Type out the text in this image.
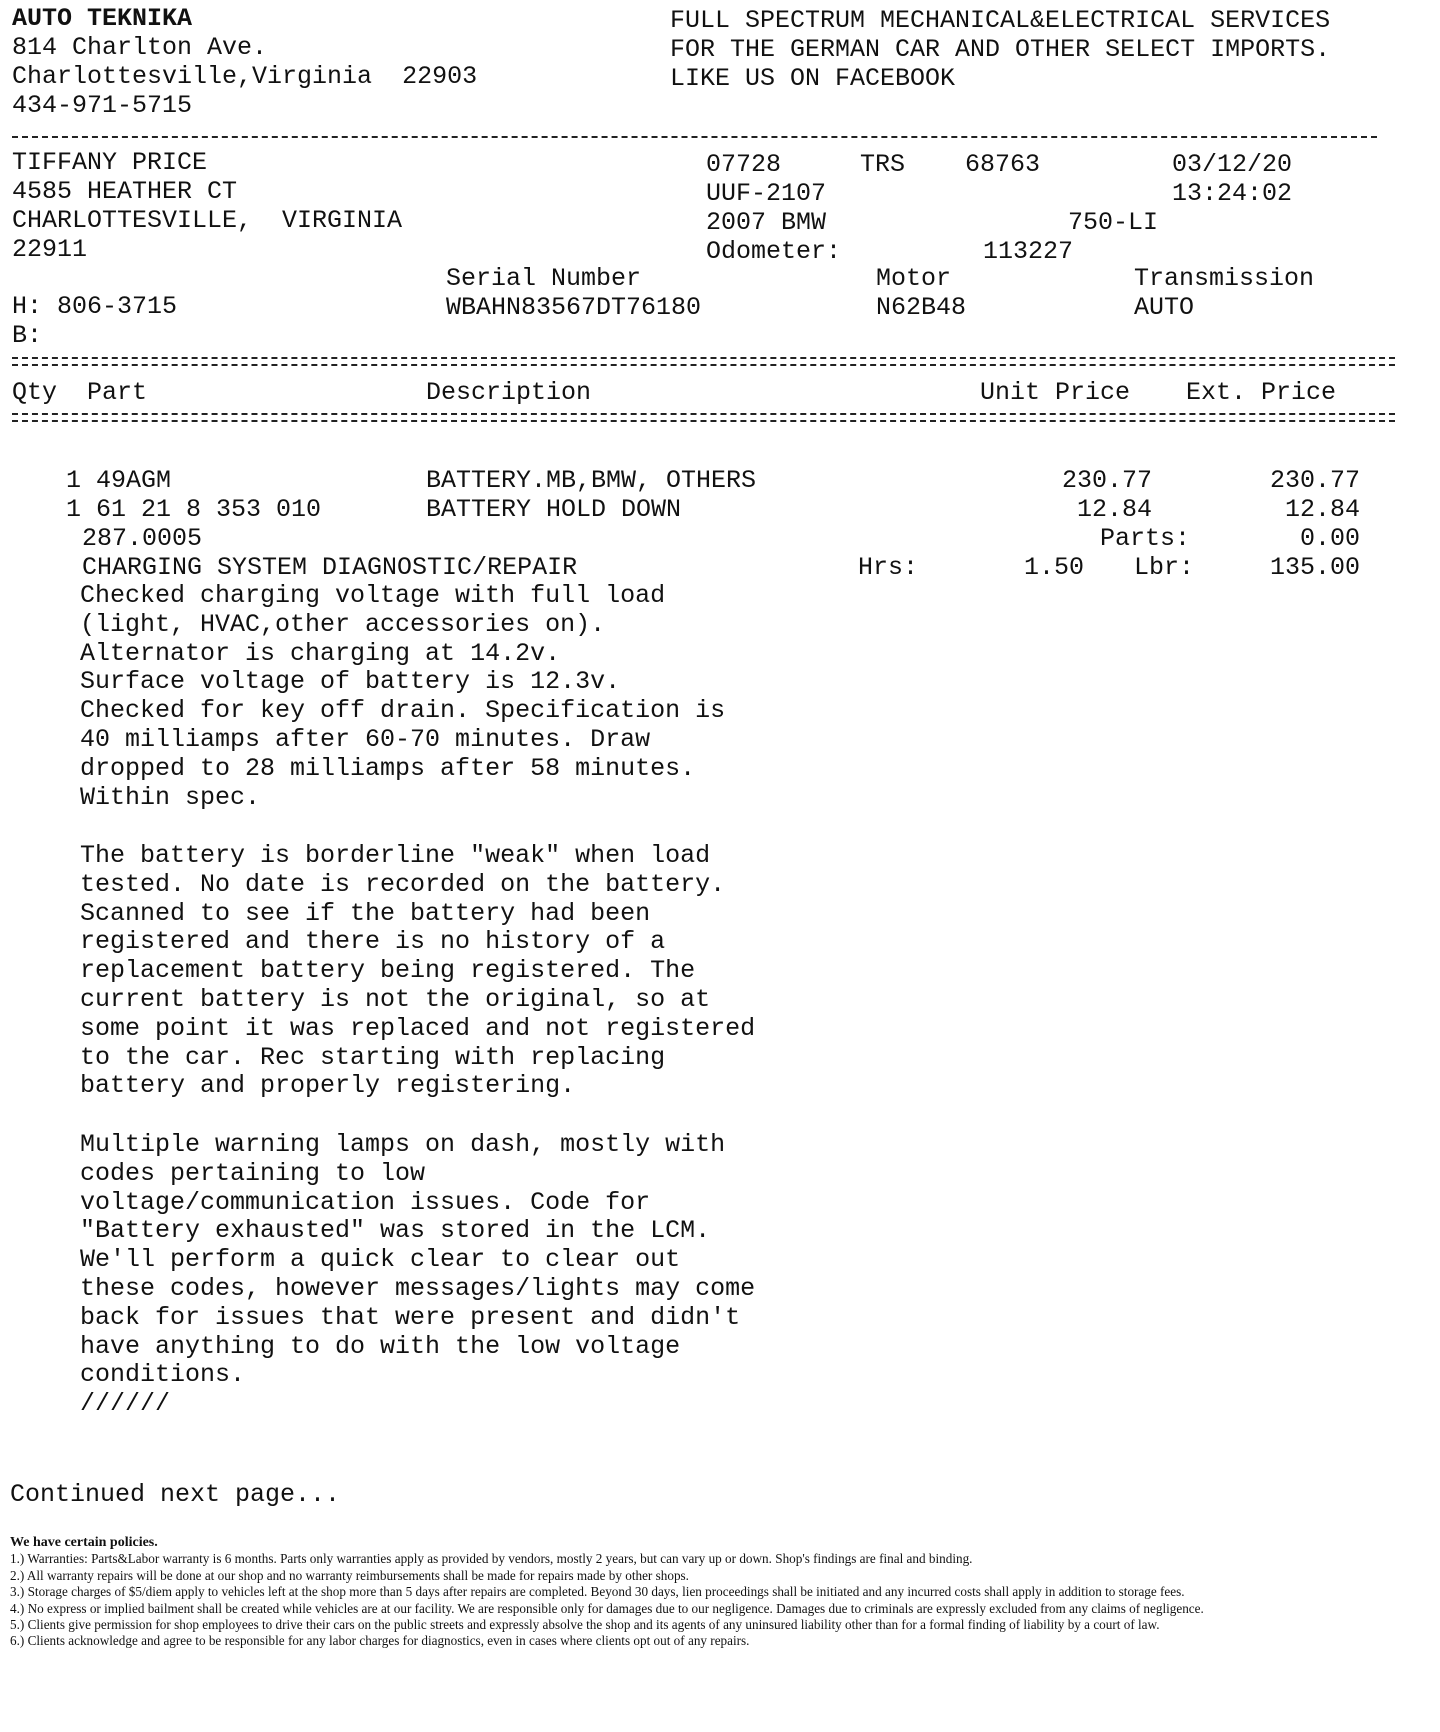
AUTO TEKNIKA
814 Charlton Ave.
Charlottesville,Virginia  22903
434-971-5715
FULL SPECTRUM MECHANICAL&ELECTRICAL SERVICES
FOR THE GERMAN CAR AND OTHER SELECT IMPORTS.
LIKE US ON FACEBOOK
TIFFANY PRICE
4585 HEATHER CT
CHARLOTTESVILLE,  VIRGINIA
22911
H: 806-3715
B:
07728	TRS 68763	03/12/20
UUF-2107	13:24:02
2007 BMW	750-LI
Odometer:	113227
Serial Number
WBAHN83567DT76180
Motor
N62B48
Transmission
AUTO
Qty  Part	Description	Unit Price Ext. Price
1 49AGM	BATTERY.MB,BMW, OTHERS	230.77	230.77
1 61 21 8 353 010	BATTERY HOLD DOWN	12.84	12.84
287.0005	Parts:	0.00
CHARGING SYSTEM DIAGNOSTIC/REPAIR	Hrs:	1.50 Lbr:	135.00
Checked charging voltage with full load
(light, HVAC,other accessories on).
Alternator is charging at 14.2v.
Surface voltage of battery is 12.3v.
Checked for key off drain. Specification is
40 milliamps after 60-70 minutes. Draw
dropped to 28 milliamps after 58 minutes.
Within spec.
The battery is borderline "weak" when load
tested. No date is recorded on the battery.
Scanned to see if the battery had been
registered and there is no history of a
replacement battery being registered. The
current battery is not the original, so at
some point it was replaced and not registered
to the car. Rec starting with replacing
battery and properly registering.
Multiple warning lamps on dash, mostly with
codes pertaining to low
voltage/communication issues. Code for
"Battery exhausted" was stored in the LCM.
We'll perform a quick clear to clear out
these codes, however messages/lights may come
back for issues that were present and didn't
have anything to do with the low voltage
conditions.
//////
Continued next page...
We have certain policies.
1.) Warranties: Parts&Labor warranty is 6 months. Parts only warranties apply as provided by vendors, mostly 2 years, but can vary up or down. Shop's findings are final and binding.
2.) All warranty repairs will be done at our shop and no warranty reimbursements shall be made for repairs made by other shops.
3.) Storage charges of $5/diem apply to vehicles left at the shop more than 5 days after repairs are completed. Beyond 30 days, lien proceedings shall be initiated and any incurred costs shall apply in addition to storage fees.
4.) No express or implied bailment shall be created while vehicles are at our facility. We are responsible only for damages due to our negligence. Damages due to criminals are expressly excluded from any claims of negligence.
5.) Clients give permission for shop employees to drive their cars on the public streets and expressly absolve the shop and its agents of any uninsured liability other than for a formal finding of liability by a court of law.
6.) Clients acknowledge and agree to be responsible for any labor charges for diagnostics, even in cases where clients opt out of any repairs.
